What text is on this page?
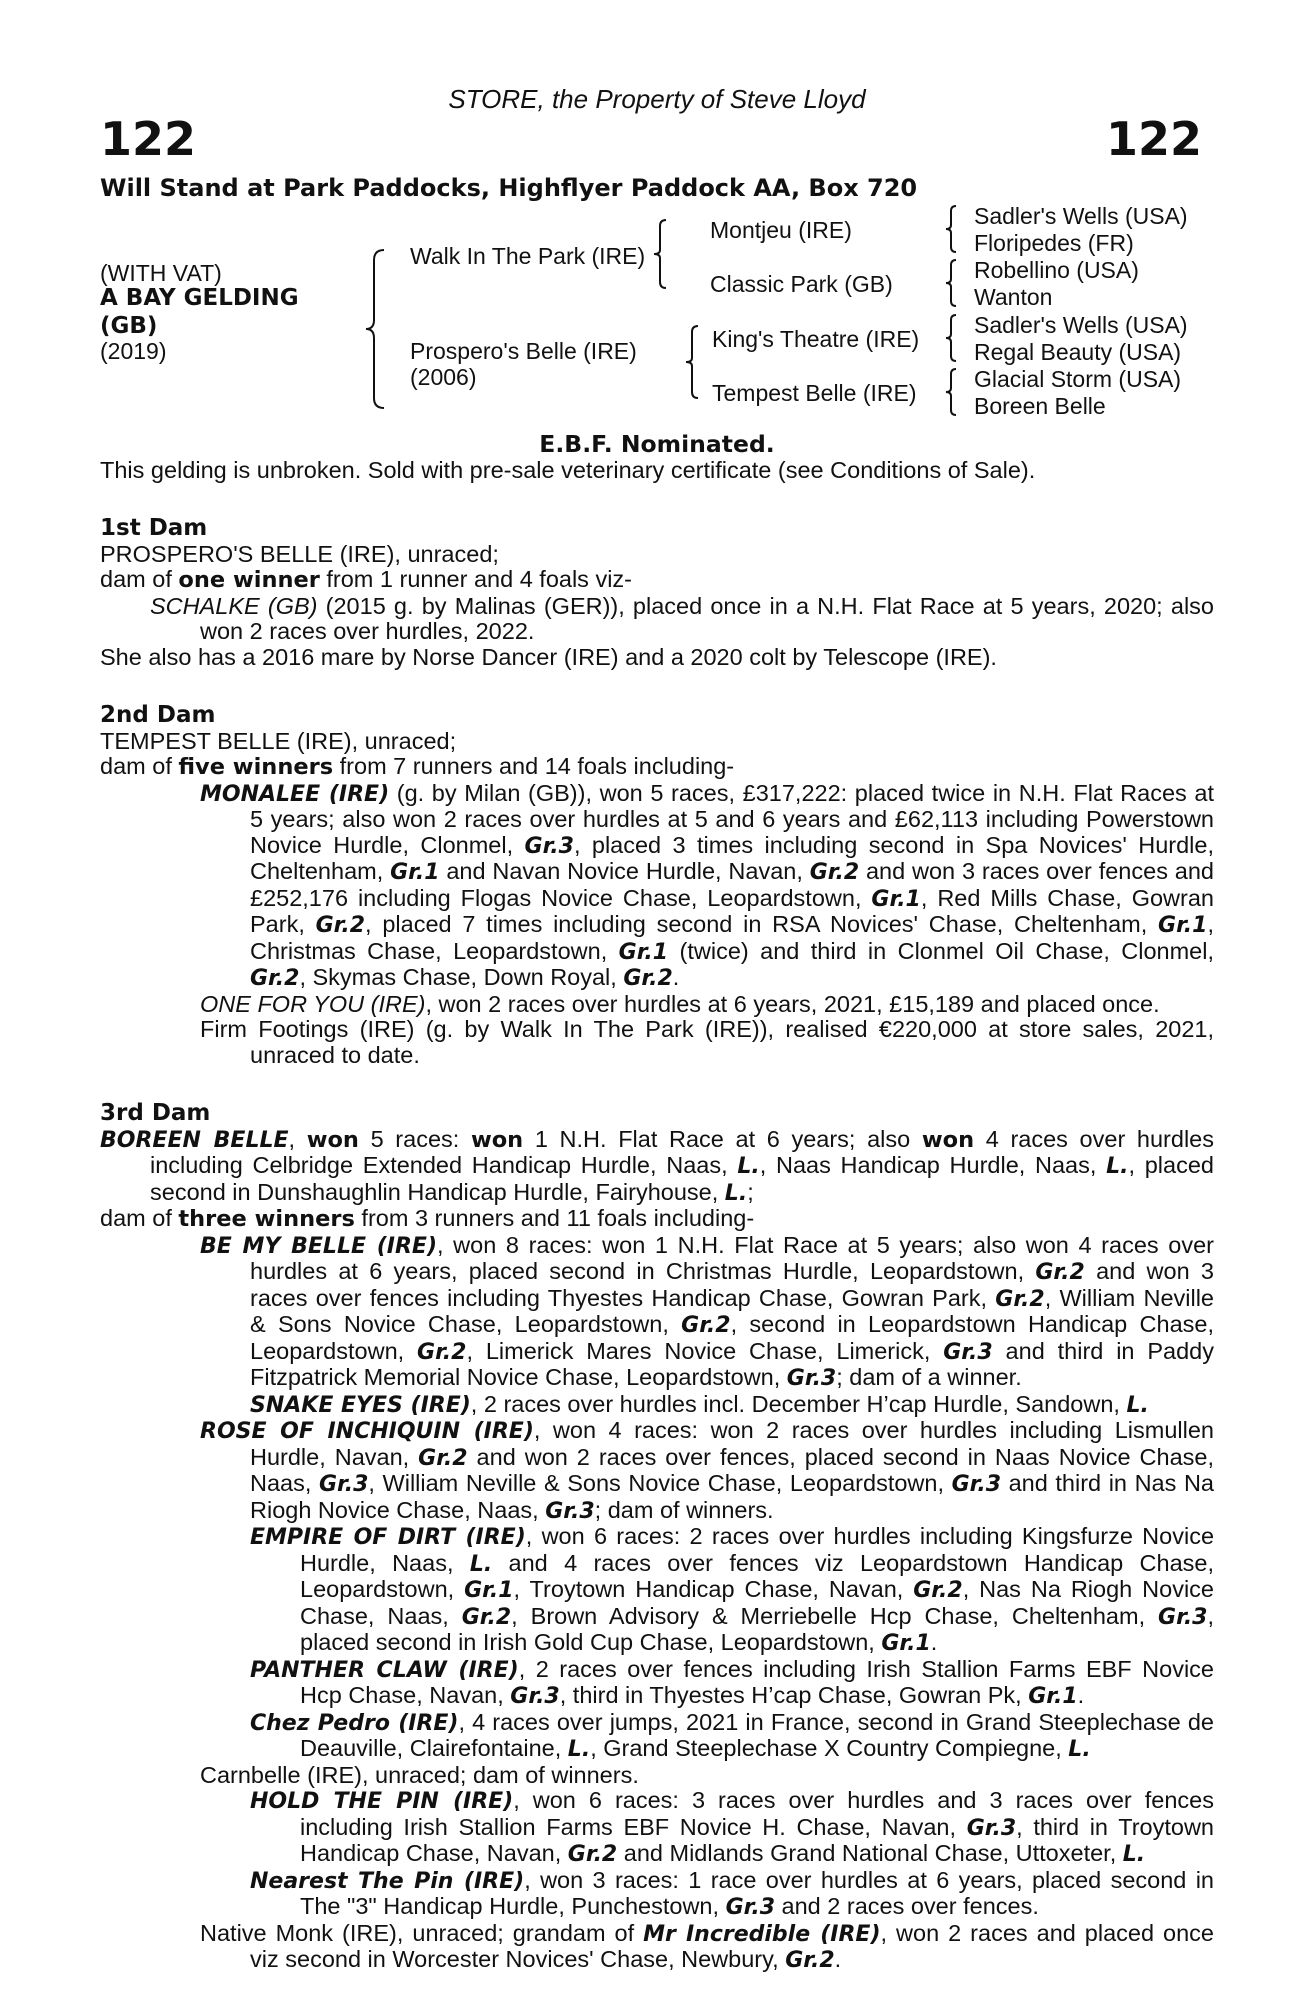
STORE, the Property of Steve Lloyd
122	122
Will Stand at Park Paddocks, Highflyer Paddock AA, Box 720
(WITH VAT)
A BAY GELDING
(GB)
(2019)
Walk In The Park (IRE)
Prospero's Belle (IRE)
(2006)
Montjeu (IRE)
Classic Park (GB)
King's Theatre (IRE)
Tempest Belle (IRE)
Sadler's Wells (USA)
Floripedes (FR)
Robellino (USA)
Wanton
Sadler's Wells (USA)
Regal Beauty (USA)
Glacial Storm (USA)
Boreen Belle

E.B.F. Nominated.

This gelding is unbroken. Sold with pre-sale veterinary certificate (see Conditions of Sale).

1st Dam

PROSPERO'S BELLE (IRE), unraced;

dam of one winner from 1 runner and 4 foals viz-

SCHALKE (GB) (2015 g. by Malinas (GER)), placed once in a N.H. Flat Race at 5 years, 2020; also won 2 races over hurdles, 2022.

She also has a 2016 mare by Norse Dancer (IRE) and a 2020 colt by Telescope (IRE).

2nd Dam

TEMPEST BELLE (IRE), unraced;

dam of five winners from 7 runners and 14 foals including-

MONALEE (IRE) (g. by Milan (GB)), won 5 races, £317,222: placed twice in N.H. Flat Races at 5 years; also won 2 races over hurdles at 5 and 6 years and £62,113 including Powerstown Novice Hurdle, Clonmel, Gr.3, placed 3 times including second in Spa Novices' Hurdle, Cheltenham, Gr.1 and Navan Novice Hurdle, Navan, Gr.2 and won 3 races over fences and £252,176 including Flogas Novice Chase, Leopardstown, Gr.1, Red Mills Chase, Gowran Park, Gr.2, placed 7 times including second in RSA Novices' Chase, Cheltenham, Gr.1, Christmas Chase, Leopardstown, Gr.1 (twice) and third in Clonmel Oil Chase, Clonmel, Gr.2, Skymas Chase, Down Royal, Gr.2.

ONE FOR YOU (IRE), won 2 races over hurdles at 6 years, 2021, £15,189 and placed once.

Firm Footings (IRE) (g. by Walk In The Park (IRE)), realised €220,000 at store sales, 2021, unraced to date.

3rd Dam

BOREEN BELLE, won 5 races: won 1 N.H. Flat Race at 6 years; also won 4 races over hurdles including Celbridge Extended Handicap Hurdle, Naas, L., Naas Handicap Hurdle, Naas, L., placed second in Dunshaughlin Handicap Hurdle, Fairyhouse, L.;

dam of three winners from 3 runners and 11 foals including-

BE MY BELLE (IRE), won 8 races: won 1 N.H. Flat Race at 5 years; also won 4 races over hurdles at 6 years, placed second in Christmas Hurdle, Leopardstown, Gr.2 and won 3 races over fences including Thyestes Handicap Chase, Gowran Park, Gr.2, William Neville & Sons Novice Chase, Leopardstown, Gr.2, second in Leopardstown Handicap Chase, Leopardstown, Gr.2, Limerick Mares Novice Chase, Limerick, Gr.3 and third in Paddy Fitzpatrick Memorial Novice Chase, Leopardstown, Gr.3; dam of a winner.

SNAKE EYES (IRE), 2 races over hurdles incl. December H’cap Hurdle, Sandown, L.

ROSE OF INCHIQUIN (IRE), won 4 races: won 2 races over hurdles including Lismullen Hurdle, Navan, Gr.2 and won 2 races over fences, placed second in Naas Novice Chase, Naas, Gr.3, William Neville & Sons Novice Chase, Leopardstown, Gr.3 and third in Nas Na Riogh Novice Chase, Naas, Gr.3; dam of winners.

EMPIRE OF DIRT (IRE), won 6 races: 2 races over hurdles including Kingsfurze Novice Hurdle, Naas, L. and 4 races over fences viz Leopardstown Handicap Chase, Leopardstown, Gr.1, Troytown Handicap Chase, Navan, Gr.2, Nas Na Riogh Novice Chase, Naas, Gr.2, Brown Advisory & Merriebelle Hcp Chase, Cheltenham, Gr.3, placed second in Irish Gold Cup Chase, Leopardstown, Gr.1.

PANTHER CLAW (IRE), 2 races over fences including Irish Stallion Farms EBF Novice Hcp Chase, Navan, Gr.3, third in Thyestes H’cap Chase, Gowran Pk, Gr.1.

Chez Pedro (IRE), 4 races over jumps, 2021 in France, second in Grand Steeplechase de Deauville, Clairefontaine, L., Grand Steeplechase X Country Compiegne, L.

Carnbelle (IRE), unraced; dam of winners.

HOLD THE PIN (IRE), won 6 races: 3 races over hurdles and 3 races over fences including Irish Stallion Farms EBF Novice H. Chase, Navan, Gr.3, third in Troytown Handicap Chase, Navan, Gr.2 and Midlands Grand National Chase, Uttoxeter, L.

Nearest The Pin (IRE), won 3 races: 1 race over hurdles at 6 years, placed second in The "3" Handicap Hurdle, Punchestown, Gr.3 and 2 races over fences.

Native Monk (IRE), unraced; grandam of Mr Incredible (IRE), won 2 races and placed once viz second in Worcester Novices' Chase, Newbury, Gr.2.
